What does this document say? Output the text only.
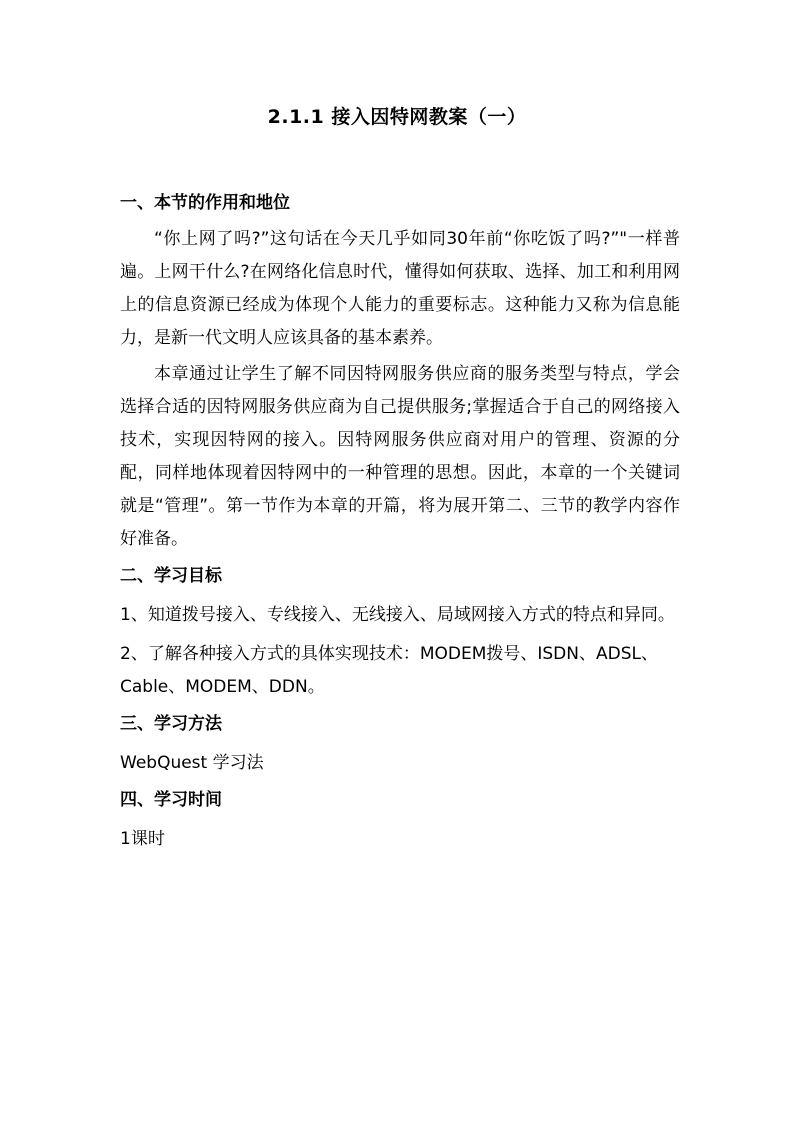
2.1.1 接入因特网教案（一）

一、本节的作用和地位

“你上网了吗?”这句话在今天几乎如同30年前“你吃饭了吗?”"一样普遍。上网干什么?在网络化信息时代，懂得如何获取、选择、加工和利用网上的信息资源已经成为体现个人能力的重要标志。这种能力又称为信息能力，是新一代文明人应该具备的基本素养。

本章通过让学生了解不同因特网服务供应商的服务类型与特点，学会选择合适的因特网服务供应商为自己提供服务;掌握适合于自己的网络接入技术，实现因特网的接入。因特网服务供应商对用户的管理、资源的分配，同样地体现着因特网中的一种管理的思想。因此，本章的一个关键词就是“管理”。第一节作为本章的开篇，将为展开第二、三节的教学内容作好准备。

二、学习目标

1、知道拨号接入、专线接入、无线接入、局域网接入方式的特点和异同。

2、了解各种接入方式的具体实现技术：MODEM拨号、ISDN、ADSL、Cable、MODEM、DDN。

三、学习方法

WebQuest 学习法

四、学习时间

1课时
